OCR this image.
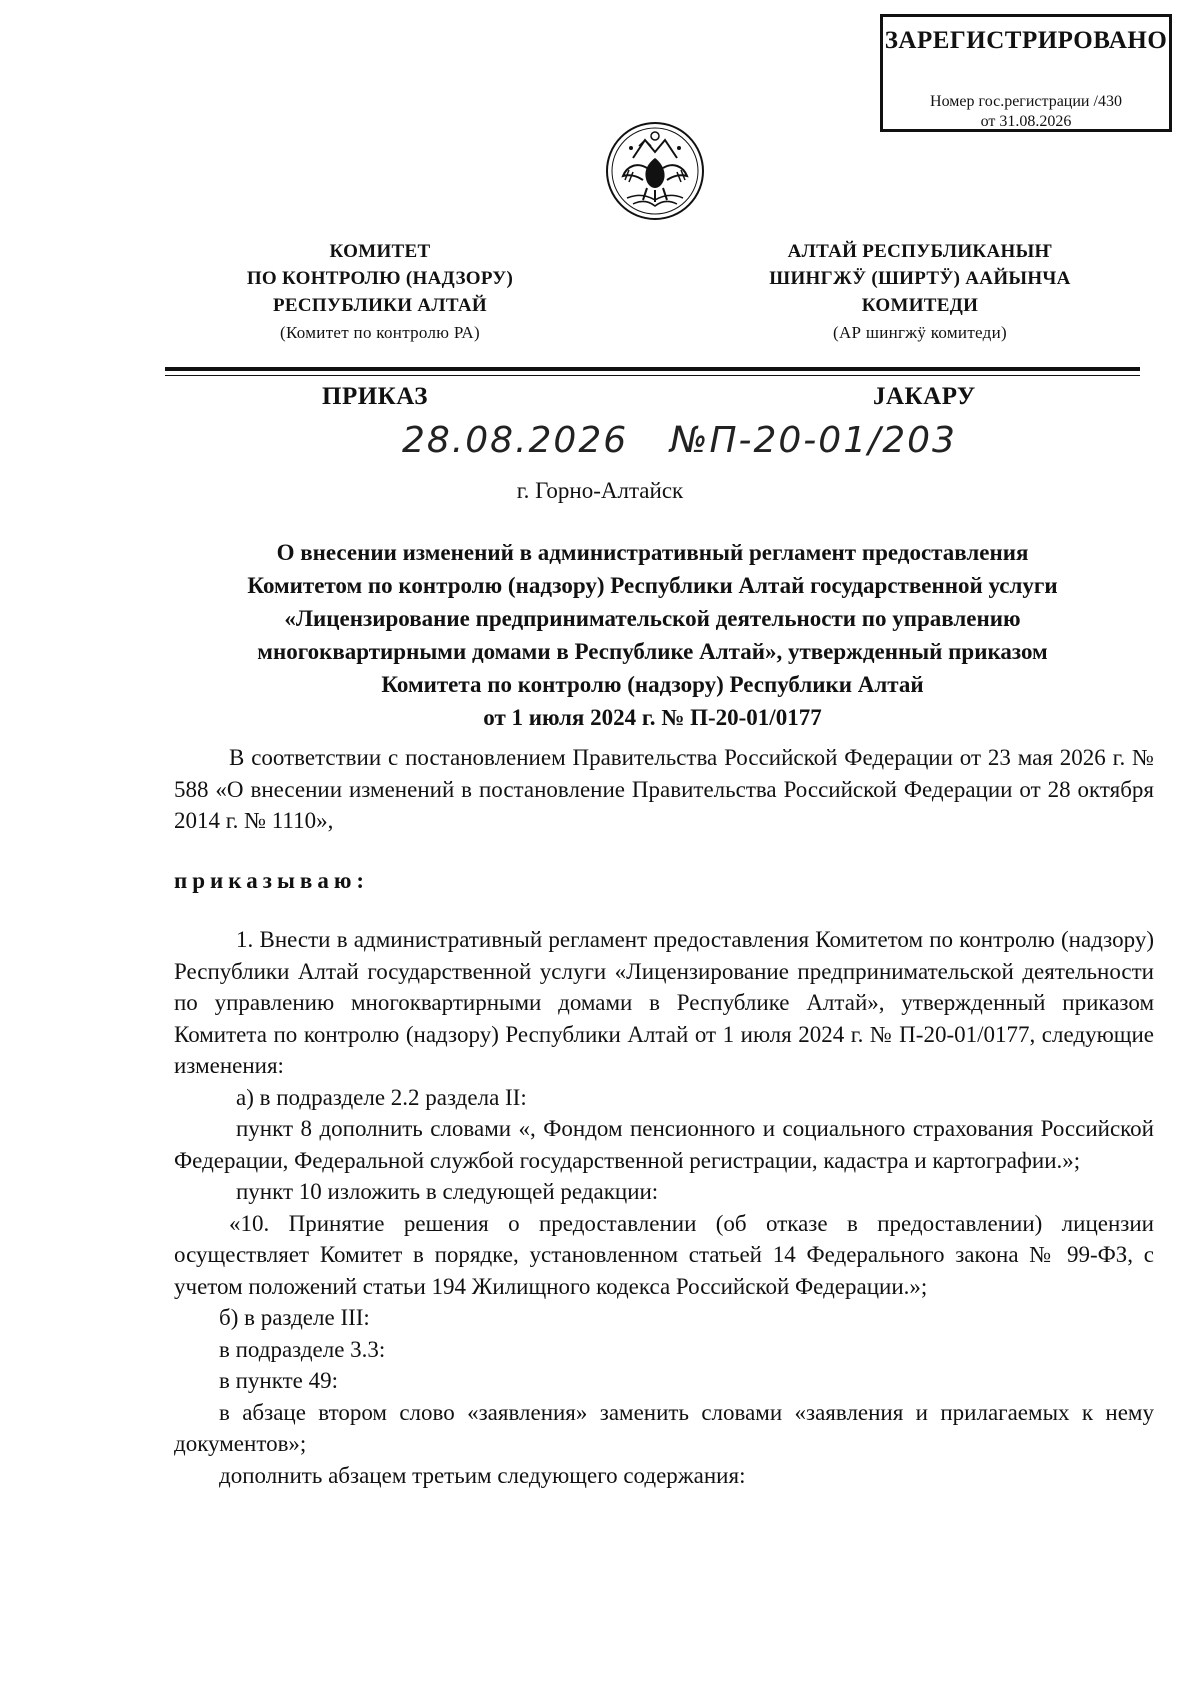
ЗАРЕГИСТРИРОВАНО
Номер гос.регистрации /430
от 31.08.2026
КОМИТЕТ
ПО КОНТРОЛЮ (НАДЗОРУ)
РЕСПУБЛИКИ АЛТАЙ
(Комитет по контролю РА)
АЛТАЙ РЕСПУБЛИКАНЫҤ
ШИНГЖӰ (ШИРТӰ) ААЙЫНЧА
КОМИТЕДИ
(АР шингжӱ комитеди)
ПРИКАЗ	ЈАКАРУ
28.08.2026 №П-20-01/203
г. Горно-Алтайск
О внесении изменений в административный регламент предоставления
Комитетом по контролю (надзору) Республики Алтай государственной услуги
«Лицензирование предпринимательской деятельности по управлению
многоквартирными домами в Республике Алтай», утвержденный приказом
Комитета по контролю (надзору) Республики Алтай
от 1 июля 2024 г. № П-20-01/0177

В соответствии с постановлением Правительства Российской Федерации от 23 мая 2026 г. № 588 «О внесении изменений в постановление Правительства Российской Федерации от 28 октября 2014 г. № 1110»,

приказываю:

1. Внести в административный регламент предоставления Комитетом по контролю (надзору) Республики Алтай государственной услуги «Лицензирование предпринимательской деятельности по управлению многоквартирными домами в Республике Алтай», утвержденный приказом Комитета по контролю (надзору) Республики Алтай от 1 июля 2024 г. № П-20-01/0177, следующие изменения:

а) в подразделе 2.2 раздела II:

пункт 8 дополнить словами «, Фондом пенсионного и социального страхования Российской Федерации, Федеральной службой государственной регистрации, кадастра и картографии.»;

пункт 10 изложить в следующей редакции:

«10. Принятие решения о предоставлении (об отказе в предоставлении) лицензии осуществляет Комитет в порядке, установленном статьей 14 Федерального закона № 99-ФЗ, с учетом положений статьи 194 Жилищного кодекса Российской Федерации.»;

б) в разделе III:

в подразделе 3.3:

в пункте 49:

в абзаце втором слово «заявления» заменить словами «заявления и прилагаемых к нему документов»;

дополнить абзацем третьим следующего содержания:
